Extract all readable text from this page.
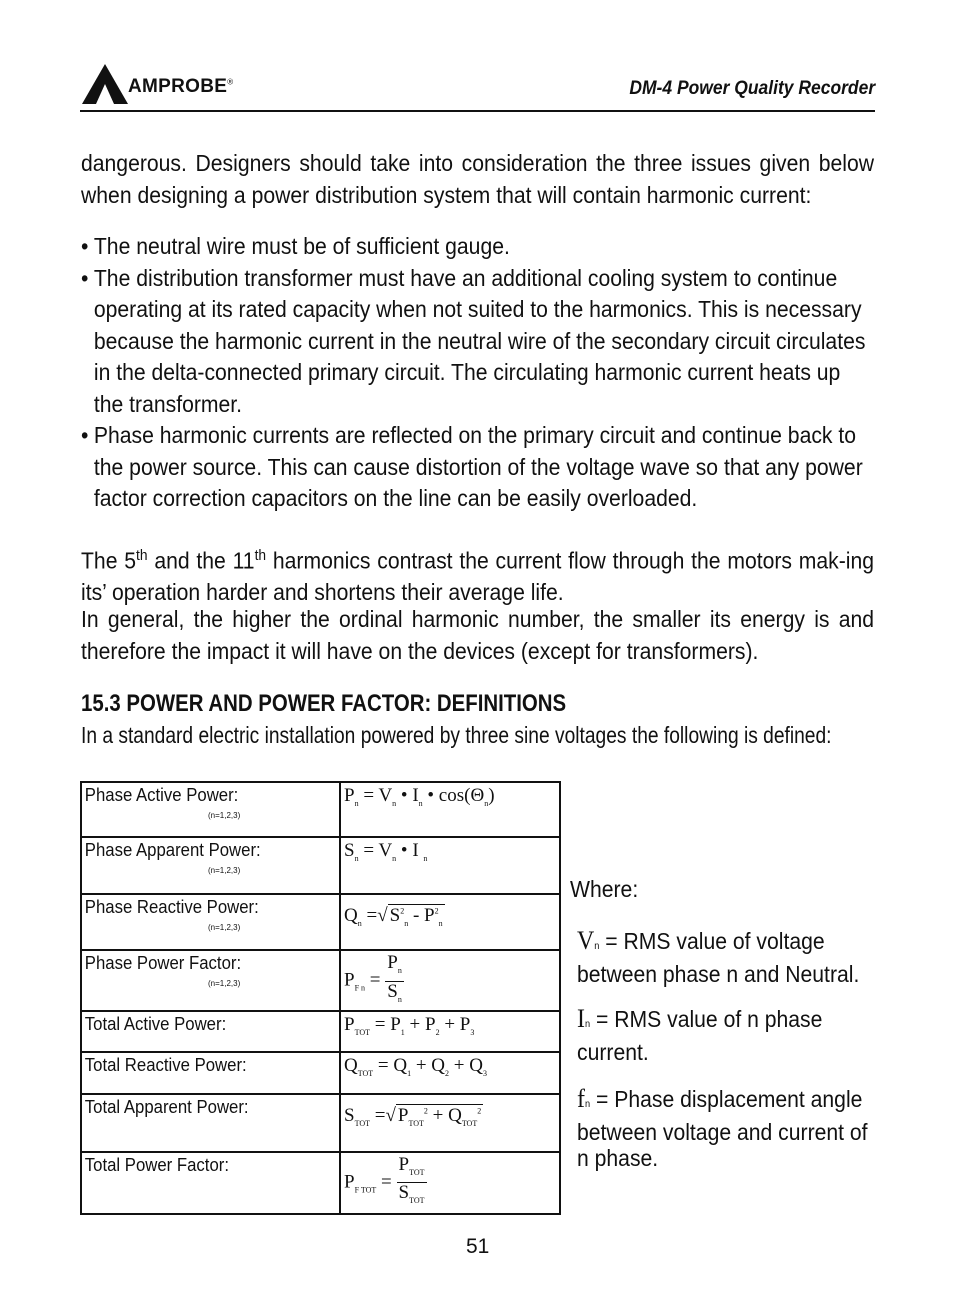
AMPROBE®	DM-4 Power Quality Recorder
dangerous. Designers should take into consideration the three issues given below when designing a power distribution system that will contain harmonic current:
• The neutral wire must be of sufficient gauge.
• The distribution transformer must have an additional cooling system to continue operating at its rated capacity when not suited to the harmonics. This is necessary because the harmonic current in the neutral wire of the secondary circuit circulates in the delta-connected primary circuit. The circulating harmonic current heats up the transformer.
• Phase harmonic currents are reflected on the primary circuit and continue back to the power source. This can cause distortion of the voltage wave so that any power factor correction capacitors on the line can be easily overloaded.
The 5th and the 11th harmonics contrast the current flow through the motors mak-ing its’ operation harder and shortens their average life.
In general, the higher the ordinal harmonic number, the smaller its energy is and therefore the impact it will have on the devices (except for transformers).
15.3 POWER AND POWER FACTOR: DEFINITIONS
In a standard electric installation powered by three sine voltages the following is defined:
Phase Active Power:
(n=1,2,3)	$P_n = V_n$ • $I_n$ • $\cos(\Theta_n)$

Phase Apparent Power:
(n=1,2,3)	$S_n = V_n$ • I $_n$

Phase Reactive Power:
(n=1,2,3)	$Q_n$ =√ $S^2_n - P^2_n$

Phase Power Factor:
(n=1,2,3)	$P_{F n} = \frac{P_n}{S_n}$

Total Active Power:	$P_{TOT} = P_1 + P_2 + P_3$

Total Reactive Power:	$Q_{TOT} = Q_1 + Q_2 + Q_3$

Total Apparent Power:	$S_{TOT}$ =√ $P_{TOT}^2 + Q_{TOT}^2$

Total Power Factor:	$P_{F TOT} = \frac{P_{TOT}}{S_{TOT}}$
Where:
Vn = RMS value of voltage between phase n and Neutral.
In = RMS value of n phase current.
fn = Phase displacement angle between voltage and current of n phase.
51
